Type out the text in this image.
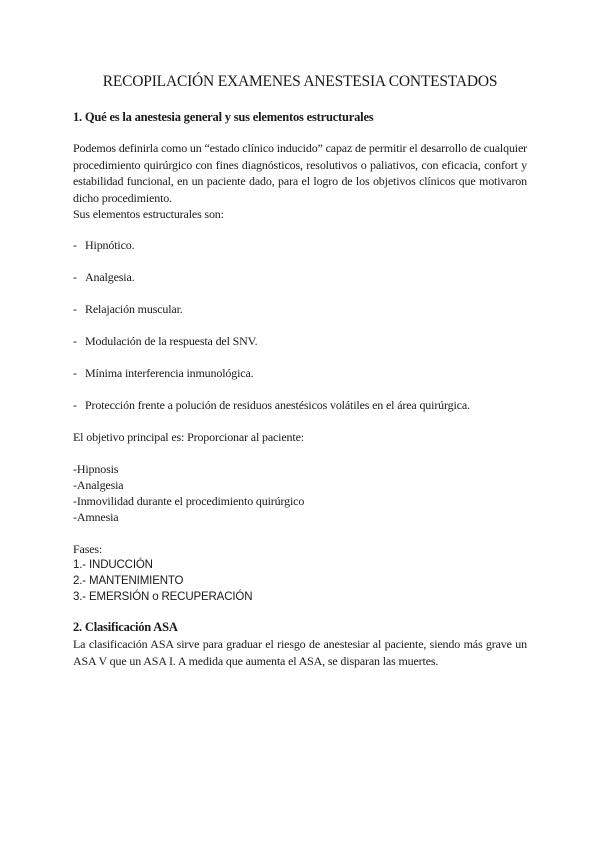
RECOPILACIÓN EXAMENES ANESTESIA CONTESTADOS
1. Qué es la anestesia general y sus elementos estructurales
Podemos definirla como un “estado clínico inducido” capaz de permitir el desarrollo de cualquier procedimiento quirúrgico con fines diagnósticos, resolutivos o paliativos, con eficacia, confort y estabilidad funcional, en un paciente dado, para el logro de los objetivos clínicos que motivaron dicho procedimiento.
Sus elementos estructurales son:
- Hipnótico.
- Analgesia.
- Relajación muscular.
- Modulación de la respuesta del SNV.
- Mínima interferencia inmunológica.
- Protección frente a polución de residuos anestésicos volátiles en el área quirúrgica.
El objetivo principal es: Proporcionar al paciente:
-Hipnosis
-Analgesia
-Inmovilidad durante el procedimiento quirúrgico
-Amnesia
Fases:
1.- INDUCCIÓN
2.- MANTENIMIENTO
3.- EMERSIÓN o RECUPERACIÓN
2. Clasificación ASA
La clasificación ASA sirve para graduar el riesgo de anestesiar al paciente, siendo más grave un ASA V que un ASA I. A medida que aumenta el ASA, se disparan las muertes.
